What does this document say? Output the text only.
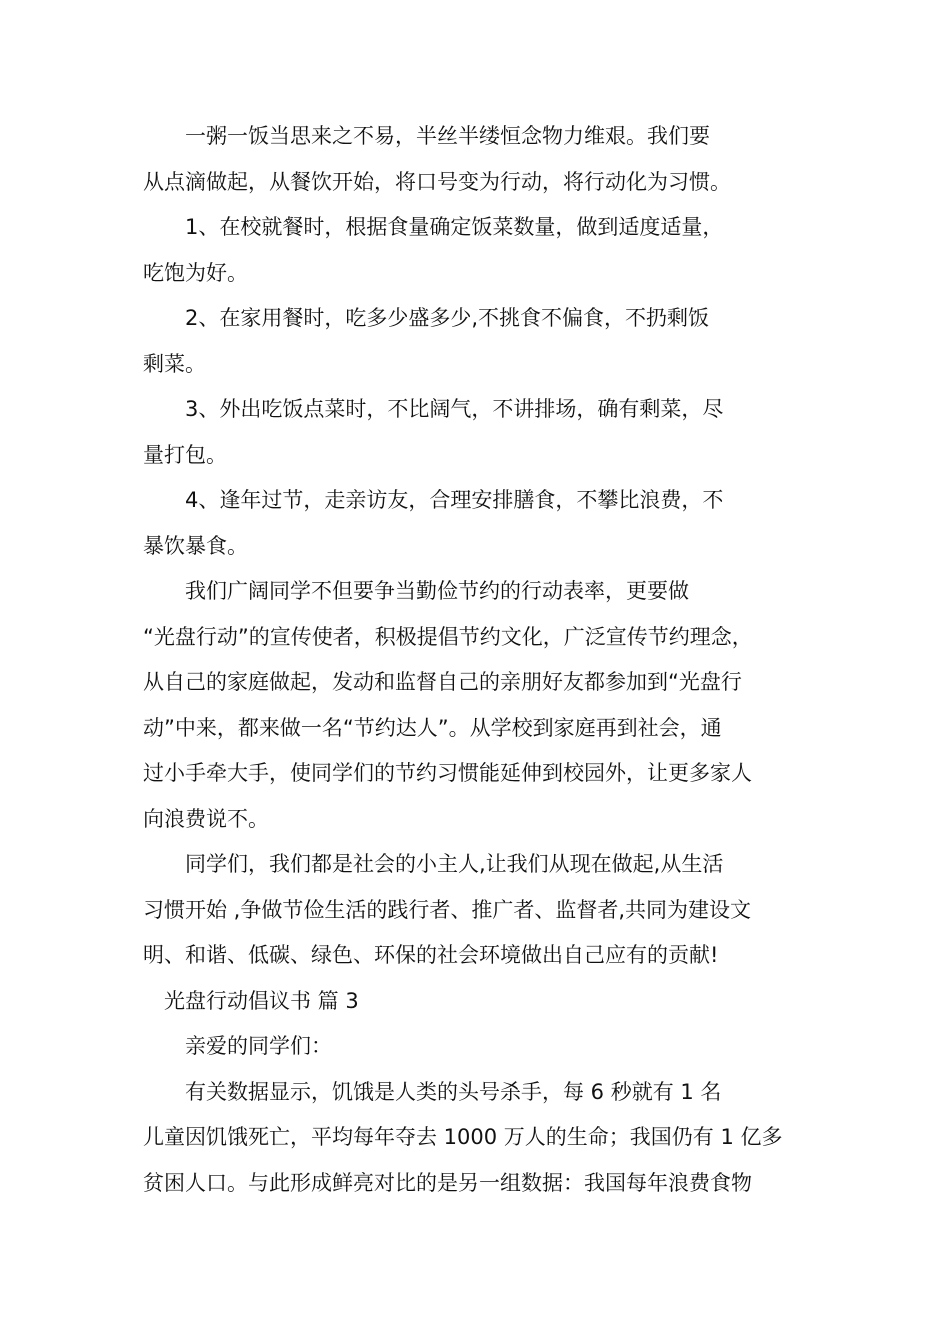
一粥一饭当思来之不易，半丝半缕恒念物力维艰。我们要
从点滴做起，从餐饮开始，将口号变为行动，将行动化为习惯。

1、在校就餐时，根据食量确定饭菜数量，做到适度适量，
吃饱为好。

2、在家用餐时，吃多少盛多少,不挑食不偏食，不扔剩饭
剩菜。

3、外出吃饭点菜时，不比阔气，不讲排场，确有剩菜，尽
量打包。

4、逢年过节，走亲访友，合理安排膳食，不攀比浪费，不
暴饮暴食。

我们广阔同学不但要争当勤俭节约的行动表率，更要做
“光盘行动”的宣传使者，积极提倡节约文化，广泛宣传节约理念，
从自己的家庭做起，发动和监督自己的亲朋好友都参加到“光盘行
动”中来，都来做一名“节约达人”。从学校到家庭再到社会，通
过小手牵大手，使同学们的节约习惯能延伸到校园外，让更多家人
向浪费说不。

同学们，我们都是社会的小主人,让我们从现在做起,从生活
习惯开始 ,争做节俭生活的践行者、推广者、监督者,共同为建设文
明、和谐、低碳、绿色、环保的社会环境做出自己应有的贡献!

光盘行动倡议书 篇 3

亲爱的同学们：

有关数据显示，饥饿是人类的头号杀手，每 6 秒就有 1 名
儿童因饥饿死亡，平均每年夺去 1000 万人的生命；我国仍有 1 亿多
贫困人口。与此形成鲜亮对比的是另一组数据：我国每年浪费食物
